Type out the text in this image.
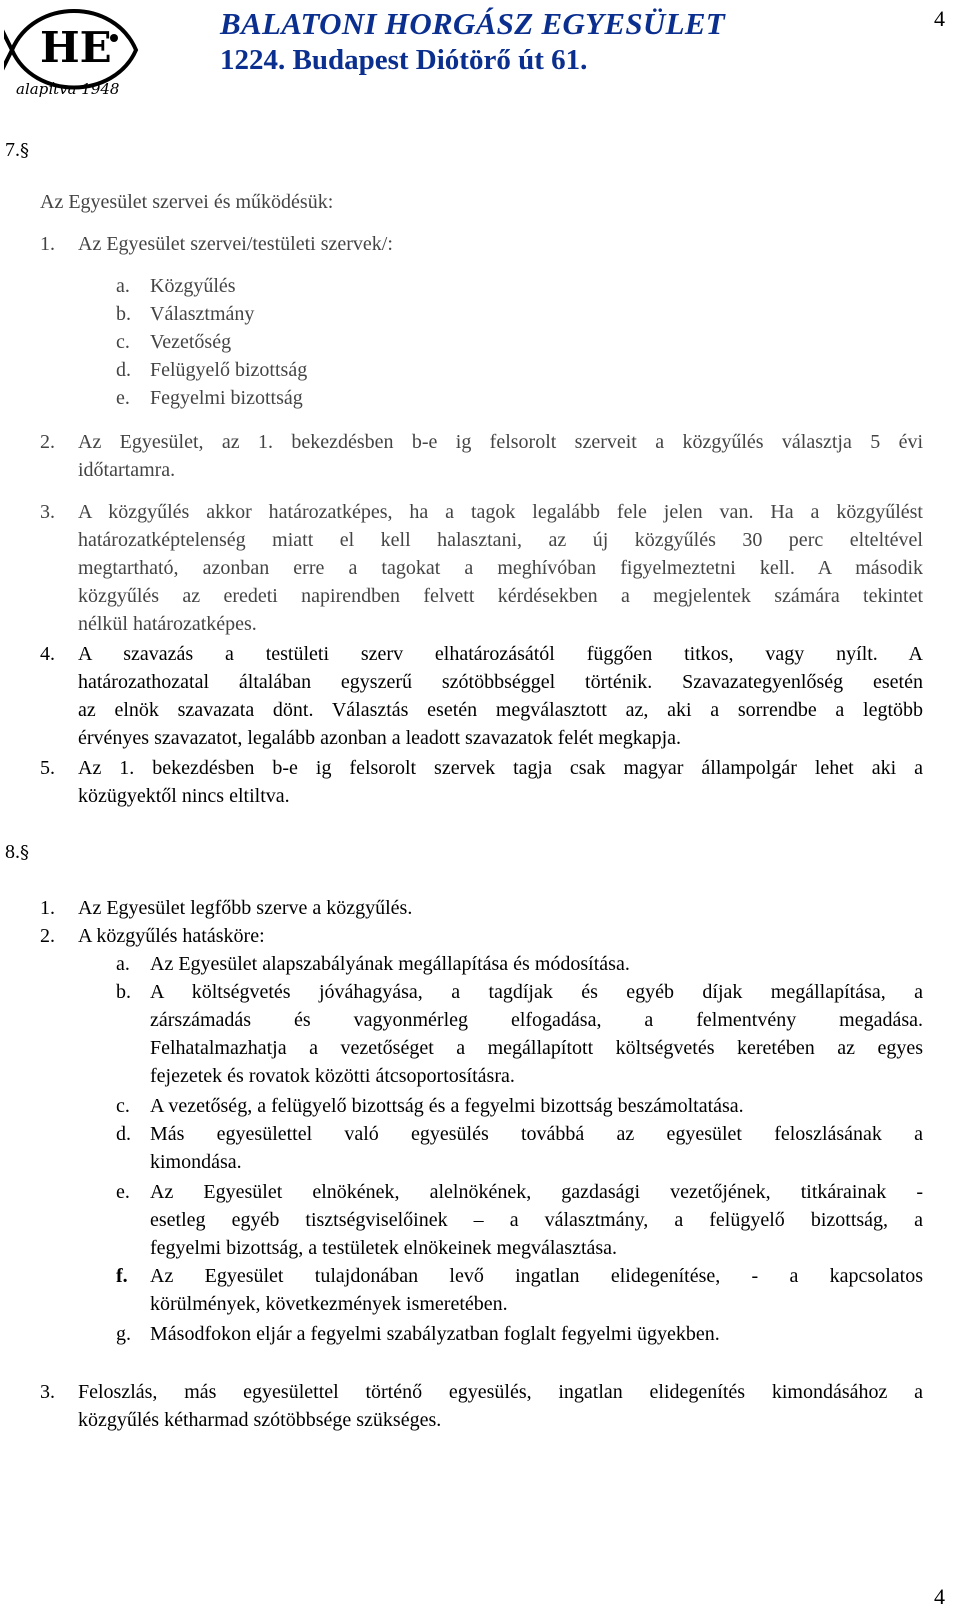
HE
alapítva 1948
BALATONI HORGÁSZ EGYESÜLET
1224. Budapest Diótörő út 61.
4
7.§
Az Egyesület szervei és működésük:
1. Az Egyesület szervei/testületi szervek/:
a. Közgyűlés
b. Választmány
c. Vezetőség
d. Felügyelő bizottság
e. Fegyelmi bizottság
2. Az Egyesület, az 1. bekezdésben b-e ig felsorolt szerveit a közgyűlés választja 5 évi
időtartamra.
3. A közgyűlés akkor határozatképes, ha a tagok legalább fele jelen van. Ha a közgyűlést
határozatképtelenség miatt el kell halasztani, az új közgyűlés 30 perc elteltével
megtartható, azonban erre a tagokat a meghívóban figyelmeztetni kell. A második
közgyűlés az eredeti napirendben felvett kérdésekben a megjelentek számára tekintet
nélkül határozatképes.
4. A szavazás a testületi szerv elhatározásától függően titkos, vagy nyílt. A
határozathozatal általában egyszerű szótöbbséggel történik. Szavazategyenlőség esetén
az elnök szavazata dönt. Választás esetén megválasztott az, aki a sorrendbe a legtöbb
érvényes szavazatot, legalább azonban a leadott szavazatok felét megkapja.
5. Az 1. bekezdésben b-e ig felsorolt szervek tagja csak magyar állampolgár lehet aki a
közügyektől nincs eltiltva.
8.§
1. Az Egyesület legfőbb szerve a közgyűlés.
2. A közgyűlés hatásköre:
a. Az Egyesület alapszabályának megállapítása és módosítása.
b. A költségvetés jóváhagyása, a tagdíjak és egyéb díjak megállapítása, a
zárszámadás és vagyonmérleg elfogadása, a felmentvény megadása.
Felhatalmazhatja a vezetőséget a megállapított költségvetés keretében az egyes
fejezetek és rovatok közötti átcsoportosításra.
c. A vezetőség, a felügyelő bizottság és a fegyelmi bizottság beszámoltatása.
d. Más egyesülettel való egyesülés továbbá az egyesület feloszlásának a
kimondása.
e. Az Egyesület elnökének, alelnökének, gazdasági vezetőjének, titkárainak -
esetleg egyéb tisztségviselőinek – a választmány, a felügyelő bizottság, a
fegyelmi bizottság, a testületek elnökeinek megválasztása.
f. Az Egyesület tulajdonában levő ingatlan elidegenítése, - a kapcsolatos
körülmények, következmények ismeretében.
g. Másodfokon eljár a fegyelmi szabályzatban foglalt fegyelmi ügyekben.
3. Feloszlás, más egyesülettel történő egyesülés, ingatlan elidegenítés kimondásához a
közgyűlés kétharmad szótöbbsége szükséges.
4
